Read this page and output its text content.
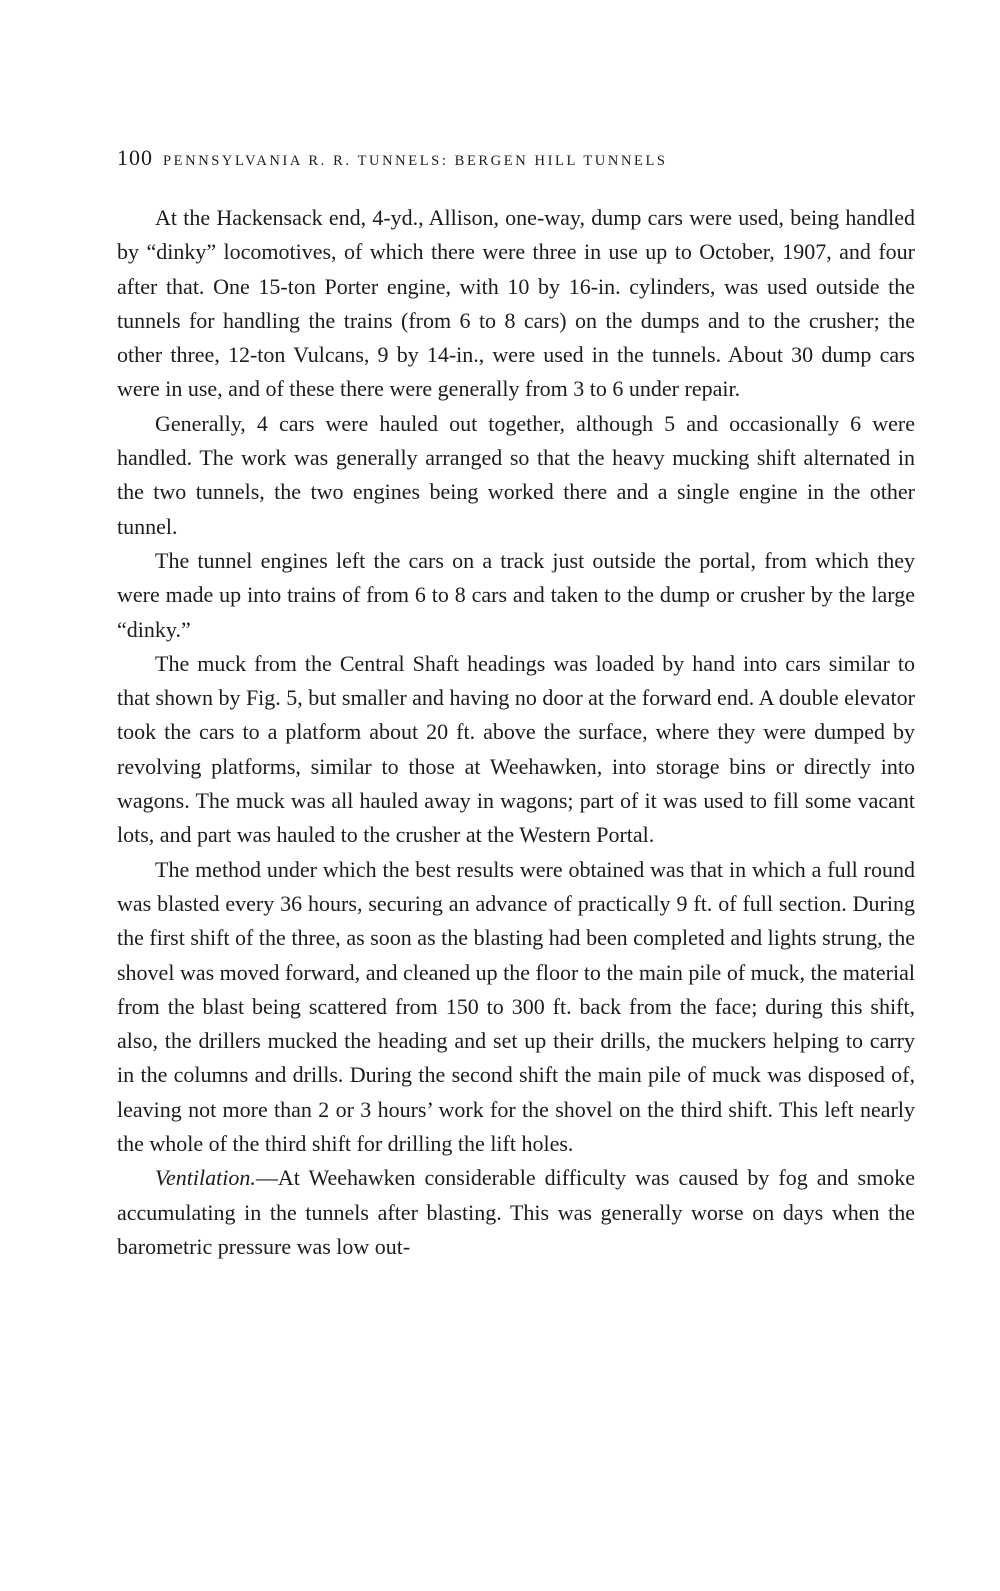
100 PENNSYLVANIA R. R. TUNNELS: BERGEN HILL TUNNELS

At the Hackensack end, 4-yd., Allison, one-way, dump cars were used, being handled by “dinky” locomotives, of which there were three in use up to October, 1907, and four after that. One 15-ton Porter engine, with 10 by 16-in. cylinders, was used outside the tunnels for handling the trains (from 6 to 8 cars) on the dumps and to the crusher; the other three, 12-ton Vulcans, 9 by 14-in., were used in the tunnels. About 30 dump cars were in use, and of these there were generally from 3 to 6 under repair.

Generally, 4 cars were hauled out together, although 5 and occasionally 6 were handled. The work was generally arranged so that the heavy mucking shift alternated in the two tunnels, the two engines being worked there and a single engine in the other tunnel.

The tunnel engines left the cars on a track just outside the portal, from which they were made up into trains of from 6 to 8 cars and taken to the dump or crusher by the large “dinky.”

The muck from the Central Shaft headings was loaded by hand into cars similar to that shown by Fig. 5, but smaller and having no door at the forward end. A double elevator took the cars to a platform about 20 ft. above the surface, where they were dumped by revolving platforms, similar to those at Weehawken, into storage bins or directly into wagons. The muck was all hauled away in wagons; part of it was used to fill some vacant lots, and part was hauled to the crusher at the Western Portal.

The method under which the best results were obtained was that in which a full round was blasted every 36 hours, securing an advance of practically 9 ft. of full section. During the first shift of the three, as soon as the blasting had been completed and lights strung, the shovel was moved forward, and cleaned up the floor to the main pile of muck, the material from the blast being scattered from 150 to 300 ft. back from the face; during this shift, also, the drillers mucked the heading and set up their drills, the muckers helping to carry in the columns and drills. During the second shift the main pile of muck was disposed of, leaving not more than 2 or 3 hours’ work for the shovel on the third shift. This left nearly the whole of the third shift for drilling the lift holes.

Ventilation.—At Weehawken considerable difficulty was caused by fog and smoke accumulating in the tunnels after blasting. This was generally worse on days when the barometric pressure was low out-
